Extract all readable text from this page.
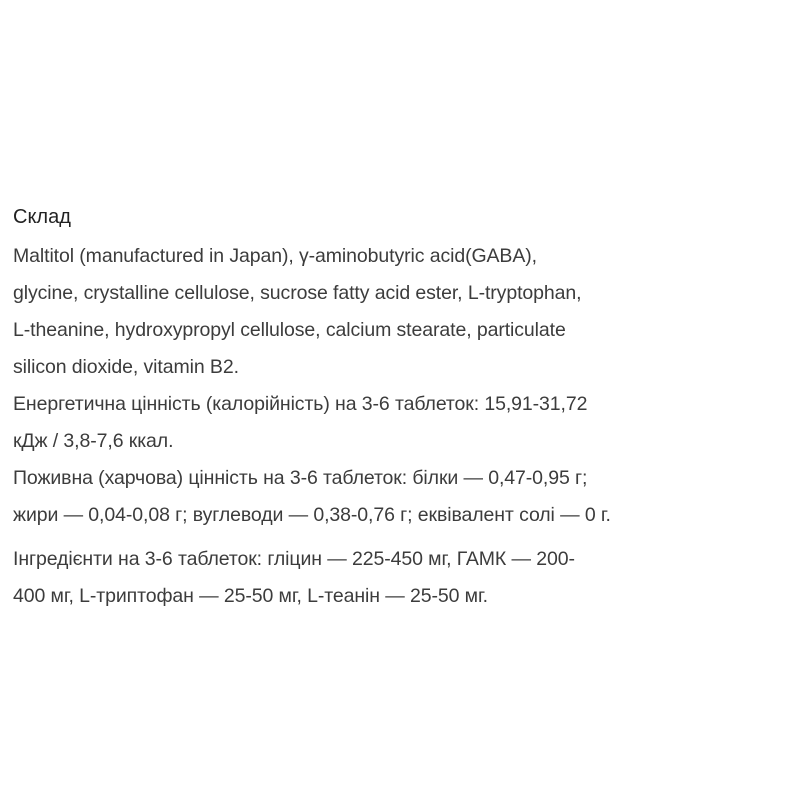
Склад

Maltitol (manufactured in Japan), γ-aminobutyric acid(GABA),
glycine, crystalline cellulose, sucrose fatty acid ester, L-tryptophan,
L-theanine, hydroxypropyl cellulose, calcium stearate, particulate
silicon dioxide, vitamin B2.

Енергетична цінність (калорійність) на 3-6 таблеток: 15,91-31,72
кДж / 3,8-7,6 ккал.

Поживна (харчова) цінність на 3-6 таблеток: білки — 0,47-0,95 г;
жири — 0,04-0,08 г; вуглеводи — 0,38-0,76 г; еквівалент солі — 0 г.

Інгредієнти на 3-6 таблеток: гліцин — 225-450 мг, ГАМК — 200-
400 мг, L-триптофан — 25-50 мг, L-теанін — 25-50 мг.
